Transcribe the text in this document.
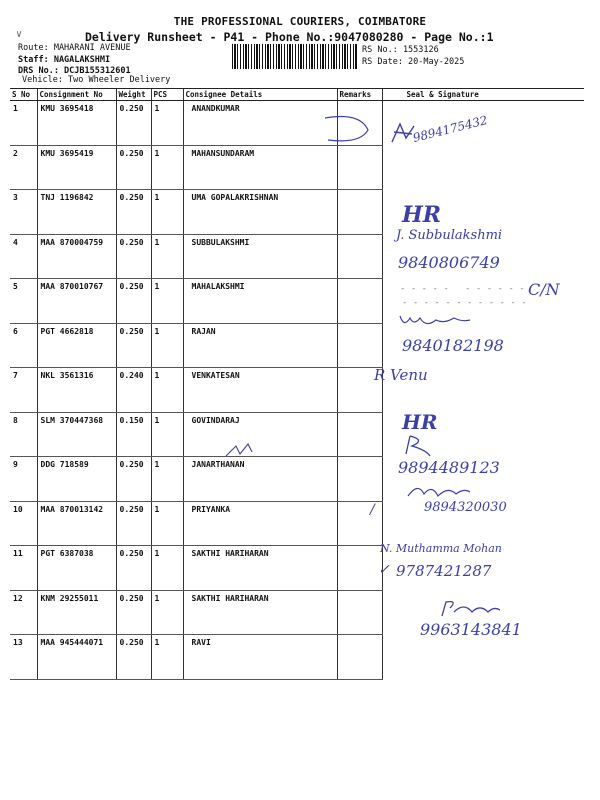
∨
THE PROFESSIONAL COURIERS, COIMBATORE
Delivery Runsheet - P41 - Phone No.:9047080280 - Page No.:1
Route: MAHARANI AVENUE
Staff: NAGALAKSHMI
DRS No.: DCJB155312601
Vehicle: Two Wheeler Delivery
RS No.: 1553126
RS Date: 20-May-2025
S No	Consignment No	Weight	PCS	Consignee Details	Remarks	Seal & Signature
1	KMU 3695418	0.250	1	ANANDKUMAR		
2	KMU 3695419	0.250	1	MAHANSUNDARAM		
3	TNJ 1196842	0.250	1	UMA GOPALAKRISHNAN		
4	MAA 870004759	0.250	1	SUBBULAKSHMI		
5	MAA 870010767	0.250	1	MAHALAKSHMI		
6	PGT 4662818	0.250	1	RAJAN		
7	NKL 3561316	0.240	1	VENKATESAN		
8	SLM 370447368	0.150	1	GOVINDARAJ		
9	DDG 718589	0.250	1	JANARTHANAN		
10	MAA 870013142	0.250	1	PRIYANKA		
11	PGT 6387038	0.250	1	SAKTHI HARIHARAN		
12	KNM 29255011	0.250	1	SAKTHI HARIHARAN		
13	MAA 945444071	0.250	1	RAVI		
9894175432
HR
J. Subbulakshmi
9840806749
C/N
- - - - -   - - - - - -
- - - - - - - - - - - -
9840182198
R Venu
HR
9894489123
9894320030
/
N. Muthamma Mohan
9787421287
✓
9963143841
